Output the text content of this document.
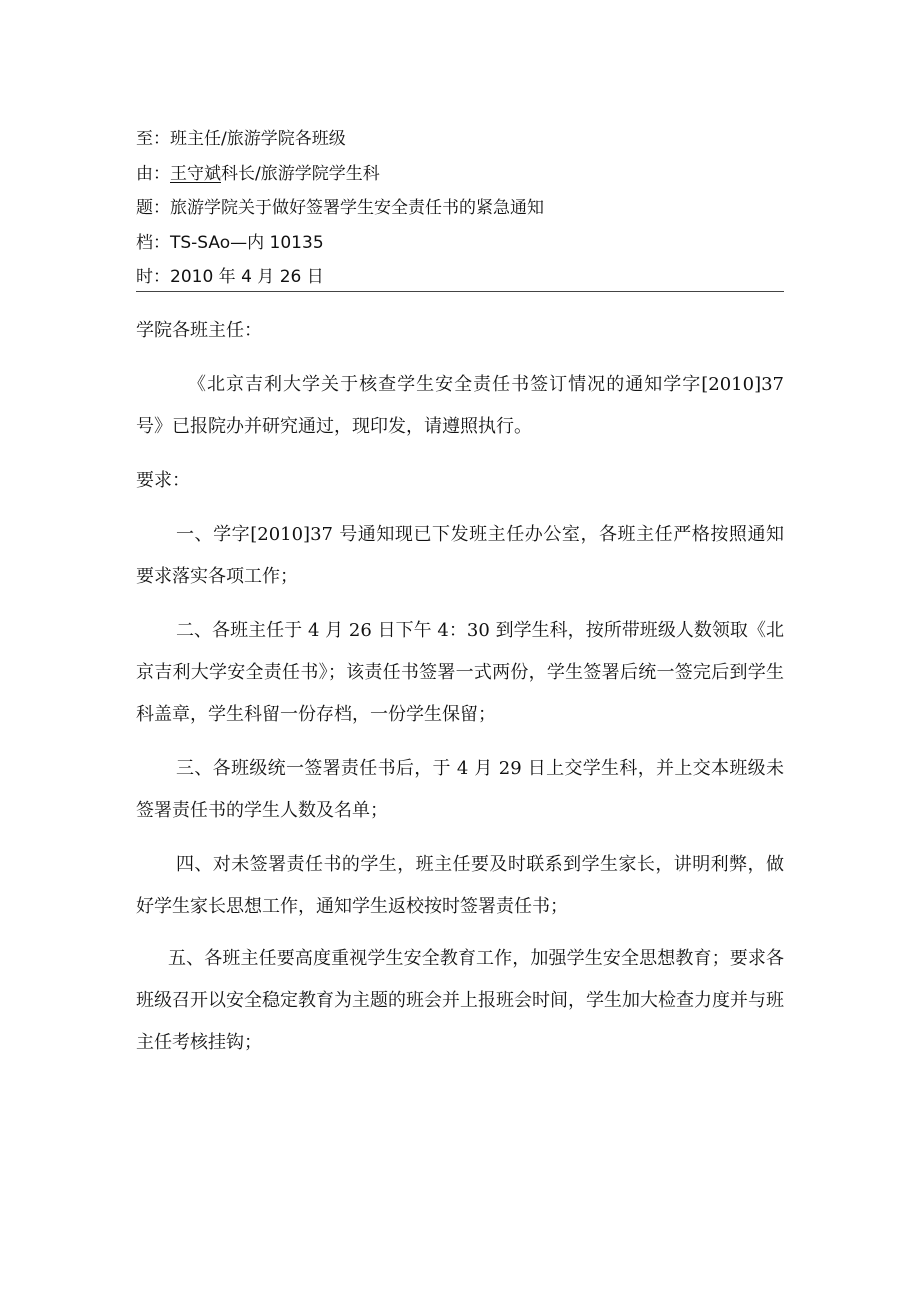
至：班主任/旅游学院各班级
由：王守斌科长/旅游学院学生科
题：旅游学院关于做好签署学生安全责任书的紧急通知
档：TS-SAo—内 10135
时：2010 年 4 月 26 日

学院各班主任：

《北京吉利大学关于核查学生安全责任书签订情况的通知学字[2010]37 号》已报院办并研究通过，现印发，请遵照执行。

要求：

一、学字[2010]37 号通知现已下发班主任办公室，各班主任严格按照通知要求落实各项工作；

二、各班主任于 4 月 26 日下午 4：30 到学生科，按所带班级人数领取《北京吉利大学安全责任书》；该责任书签署一式两份，学生签署后统一签完后到学生科盖章，学生科留一份存档，一份学生保留；

三、各班级统一签署责任书后，于 4 月 29 日上交学生科，并上交本班级未签署责任书的学生人数及名单；

四、对未签署责任书的学生，班主任要及时联系到学生家长，讲明利弊，做好学生家长思想工作，通知学生返校按时签署责任书；

五、各班主任要高度重视学生安全教育工作，加强学生安全思想教育；要求各班级召开以安全稳定教育为主题的班会并上报班会时间，学生加大检查力度并与班主任考核挂钩；
